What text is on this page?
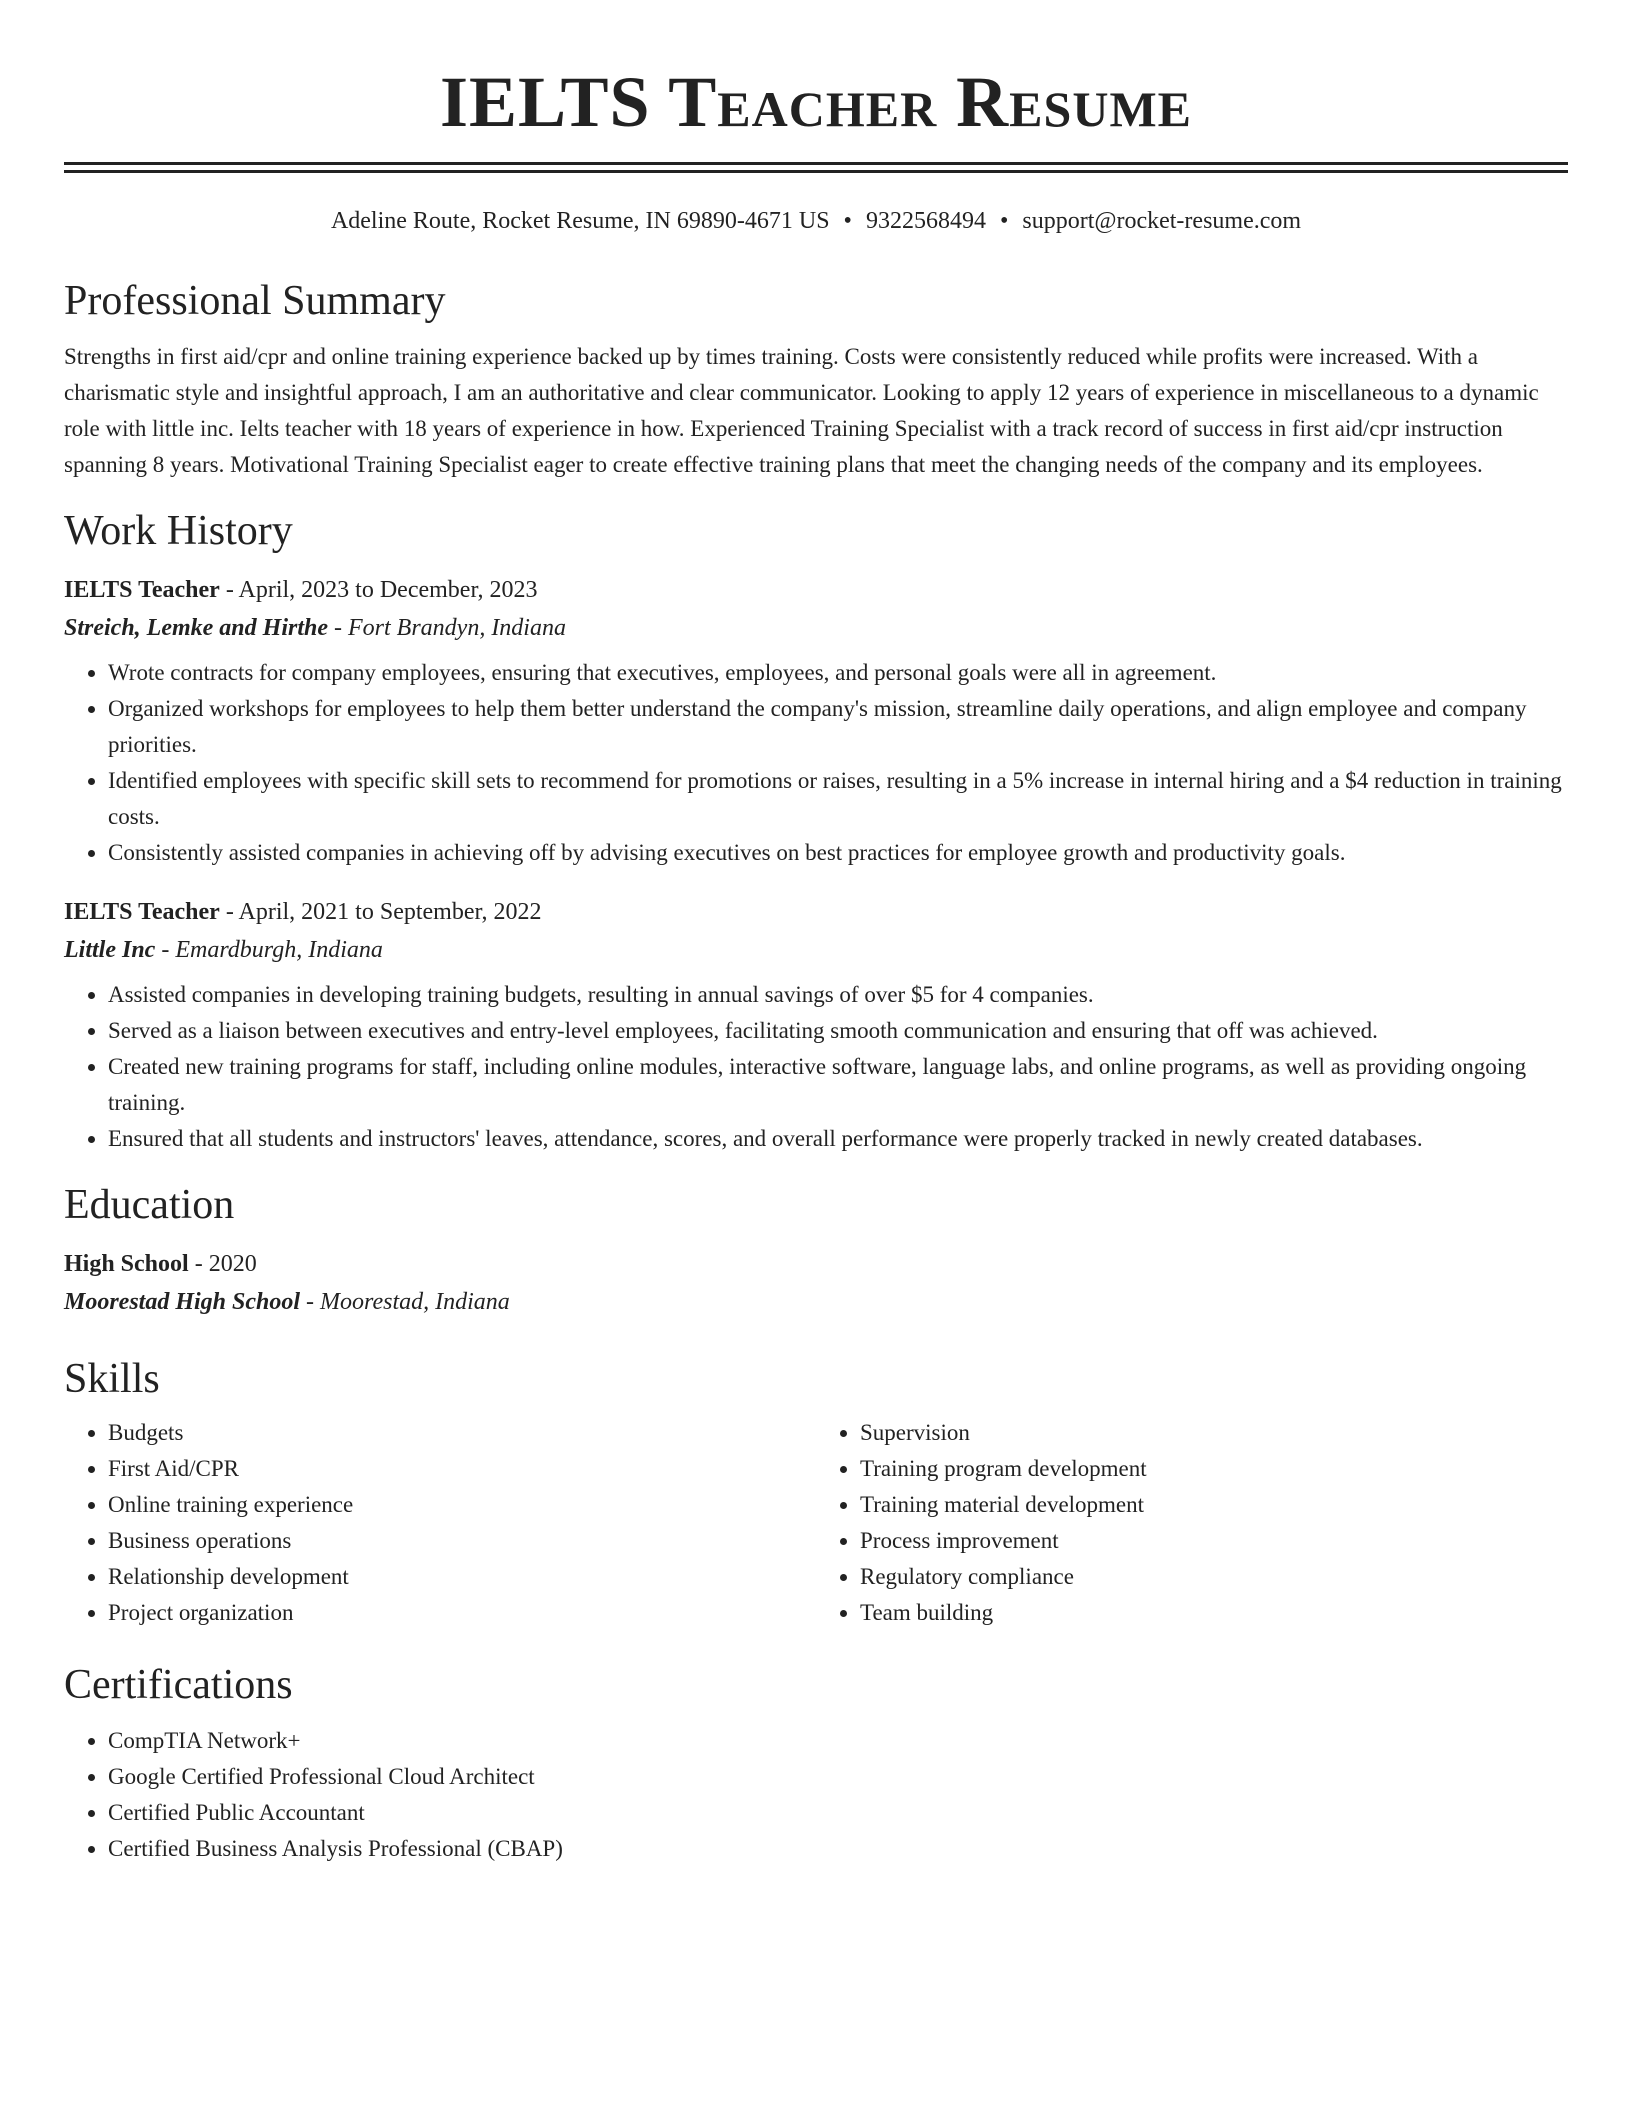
IELTS Teacher Resume
Adeline Route, Rocket Resume, IN 69890-4671 US • 9322568494 • support@rocket-resume.com
Professional Summary
Strengths in first aid/cpr and online training experience backed up by times training. Costs were consistently reduced while profits were increased. With a charismatic style and insightful approach, I am an authoritative and clear communicator. Looking to apply 12 years of experience in miscellaneous to a dynamic role with little inc. Ielts teacher with 18 years of experience in how. Experienced Training Specialist with a track record of success in first aid/cpr instruction spanning 8 years. Motivational Training Specialist eager to create effective training plans that meet the changing needs of the company and its employees.
Work History
IELTS Teacher - April, 2023 to December, 2023
Streich, Lemke and Hirthe - Fort Brandyn, Indiana
• Wrote contracts for company employees, ensuring that executives, employees, and personal goals were all in agreement.
• Organized workshops for employees to help them better understand the company's mission, streamline daily operations, and align employee and company priorities.
• Identified employees with specific skill sets to recommend for promotions or raises, resulting in a 5% increase in internal hiring and a $4 reduction in training costs.
• Consistently assisted companies in achieving off by advising executives on best practices for employee growth and productivity goals.
IELTS Teacher - April, 2021 to September, 2022
Little Inc - Emardburgh, Indiana
• Assisted companies in developing training budgets, resulting in annual savings of over $5 for 4 companies.
• Served as a liaison between executives and entry-level employees, facilitating smooth communication and ensuring that off was achieved.
• Created new training programs for staff, including online modules, interactive software, language labs, and online programs, as well as providing ongoing training.
• Ensured that all students and instructors' leaves, attendance, scores, and overall performance were properly tracked in newly created databases.
Education
High School - 2020
Moorestad High School - Moorestad, Indiana
Skills
• Budgets
• First Aid/CPR
• Online training experience
• Business operations
• Relationship development
• Project organization
• Supervision
• Training program development
• Training material development
• Process improvement
• Regulatory compliance
• Team building
Certifications
• CompTIA Network+
• Google Certified Professional Cloud Architect
• Certified Public Accountant
• Certified Business Analysis Professional (CBAP)
